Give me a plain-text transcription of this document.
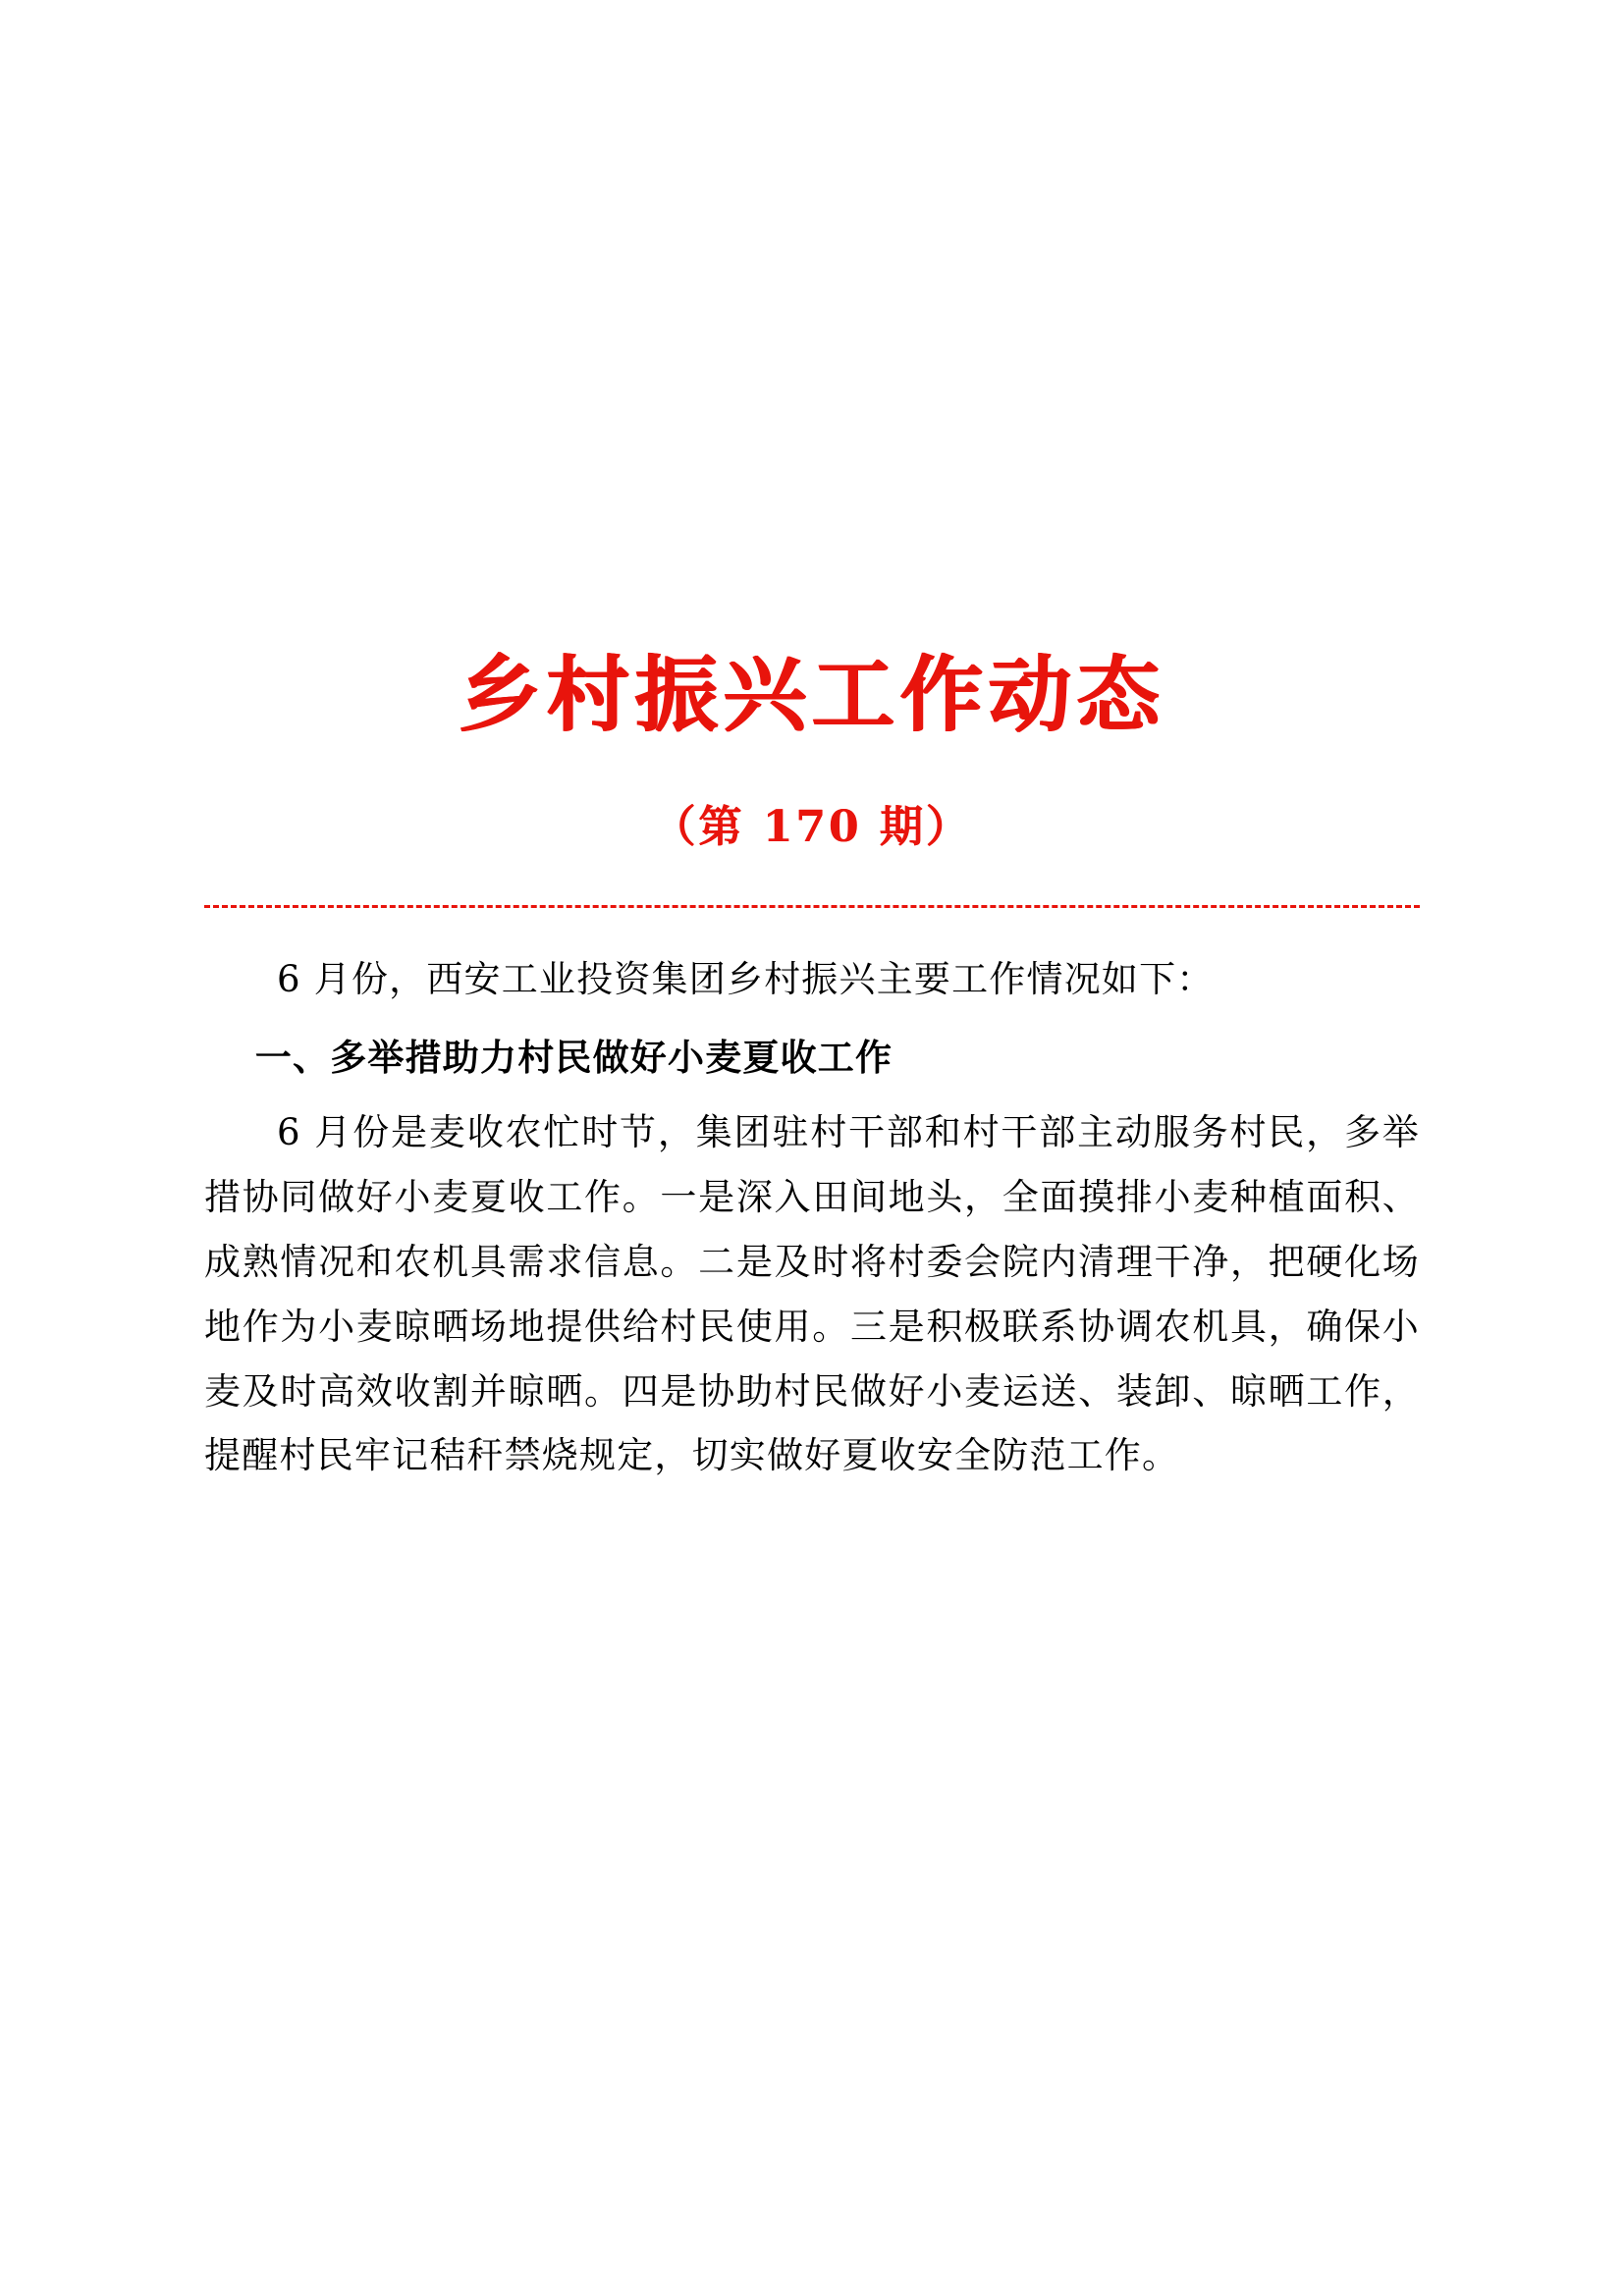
乡村振兴工作动态
（第 170 期）

6 月份，西安工业投资集团乡村振兴主要工作情况如下：

一、多举措助力村民做好小麦夏收工作

6 月份是麦收农忙时节，集团驻村干部和村干部主动服务村民，多举措协同做好小麦夏收工作。一是深入田间地头，全面摸排小麦种植面积、成熟情况和农机具需求信息。二是及时将村委会院内清理干净，把硬化场地作为小麦晾晒场地提供给村民使用。三是积极联系协调农机具，确保小麦及时高效收割并晾晒。四是协助村民做好小麦运送、装卸、晾晒工作，提醒村民牢记秸秆禁烧规定，切实做好夏收安全防范工作。
